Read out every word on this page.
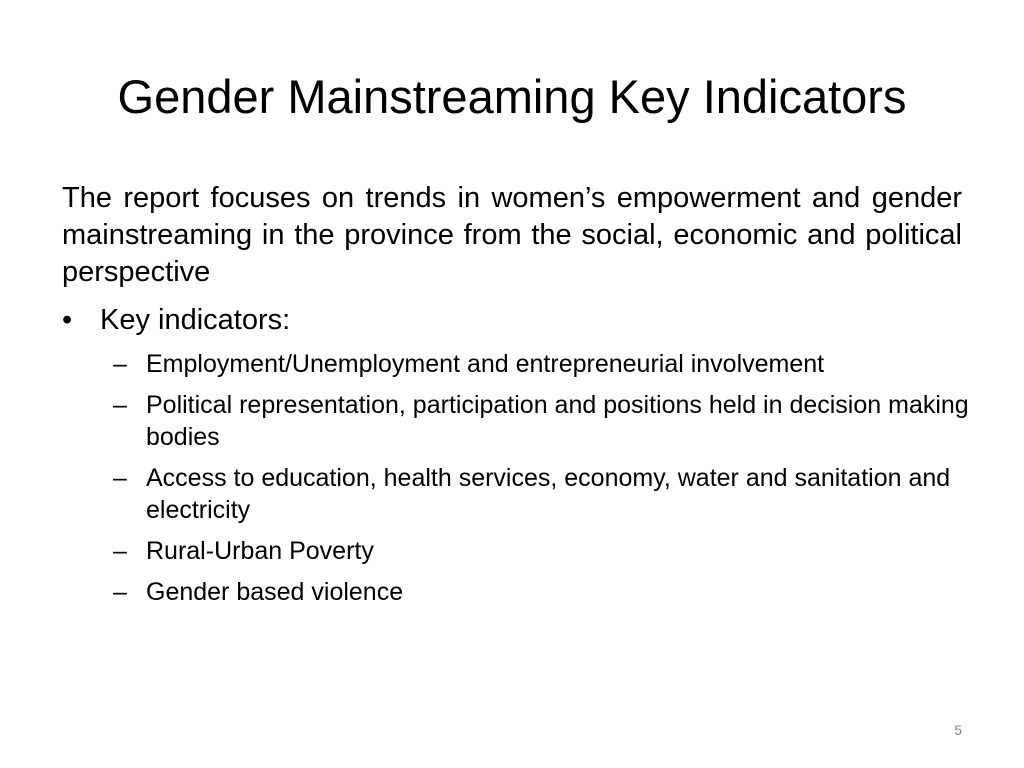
Gender Mainstreaming Key Indicators

The report focuses on trends in women’s empowerment and gender mainstreaming in the province from the social, economic and political perspective

• Key indicators:
– Employment/Unemployment and entrepreneurial involvement
– Political representation, participation and positions held in decision making bodies
– Access to education, health services, economy, water and sanitation and electricity
– Rural-Urban Poverty
– Gender based violence
5
